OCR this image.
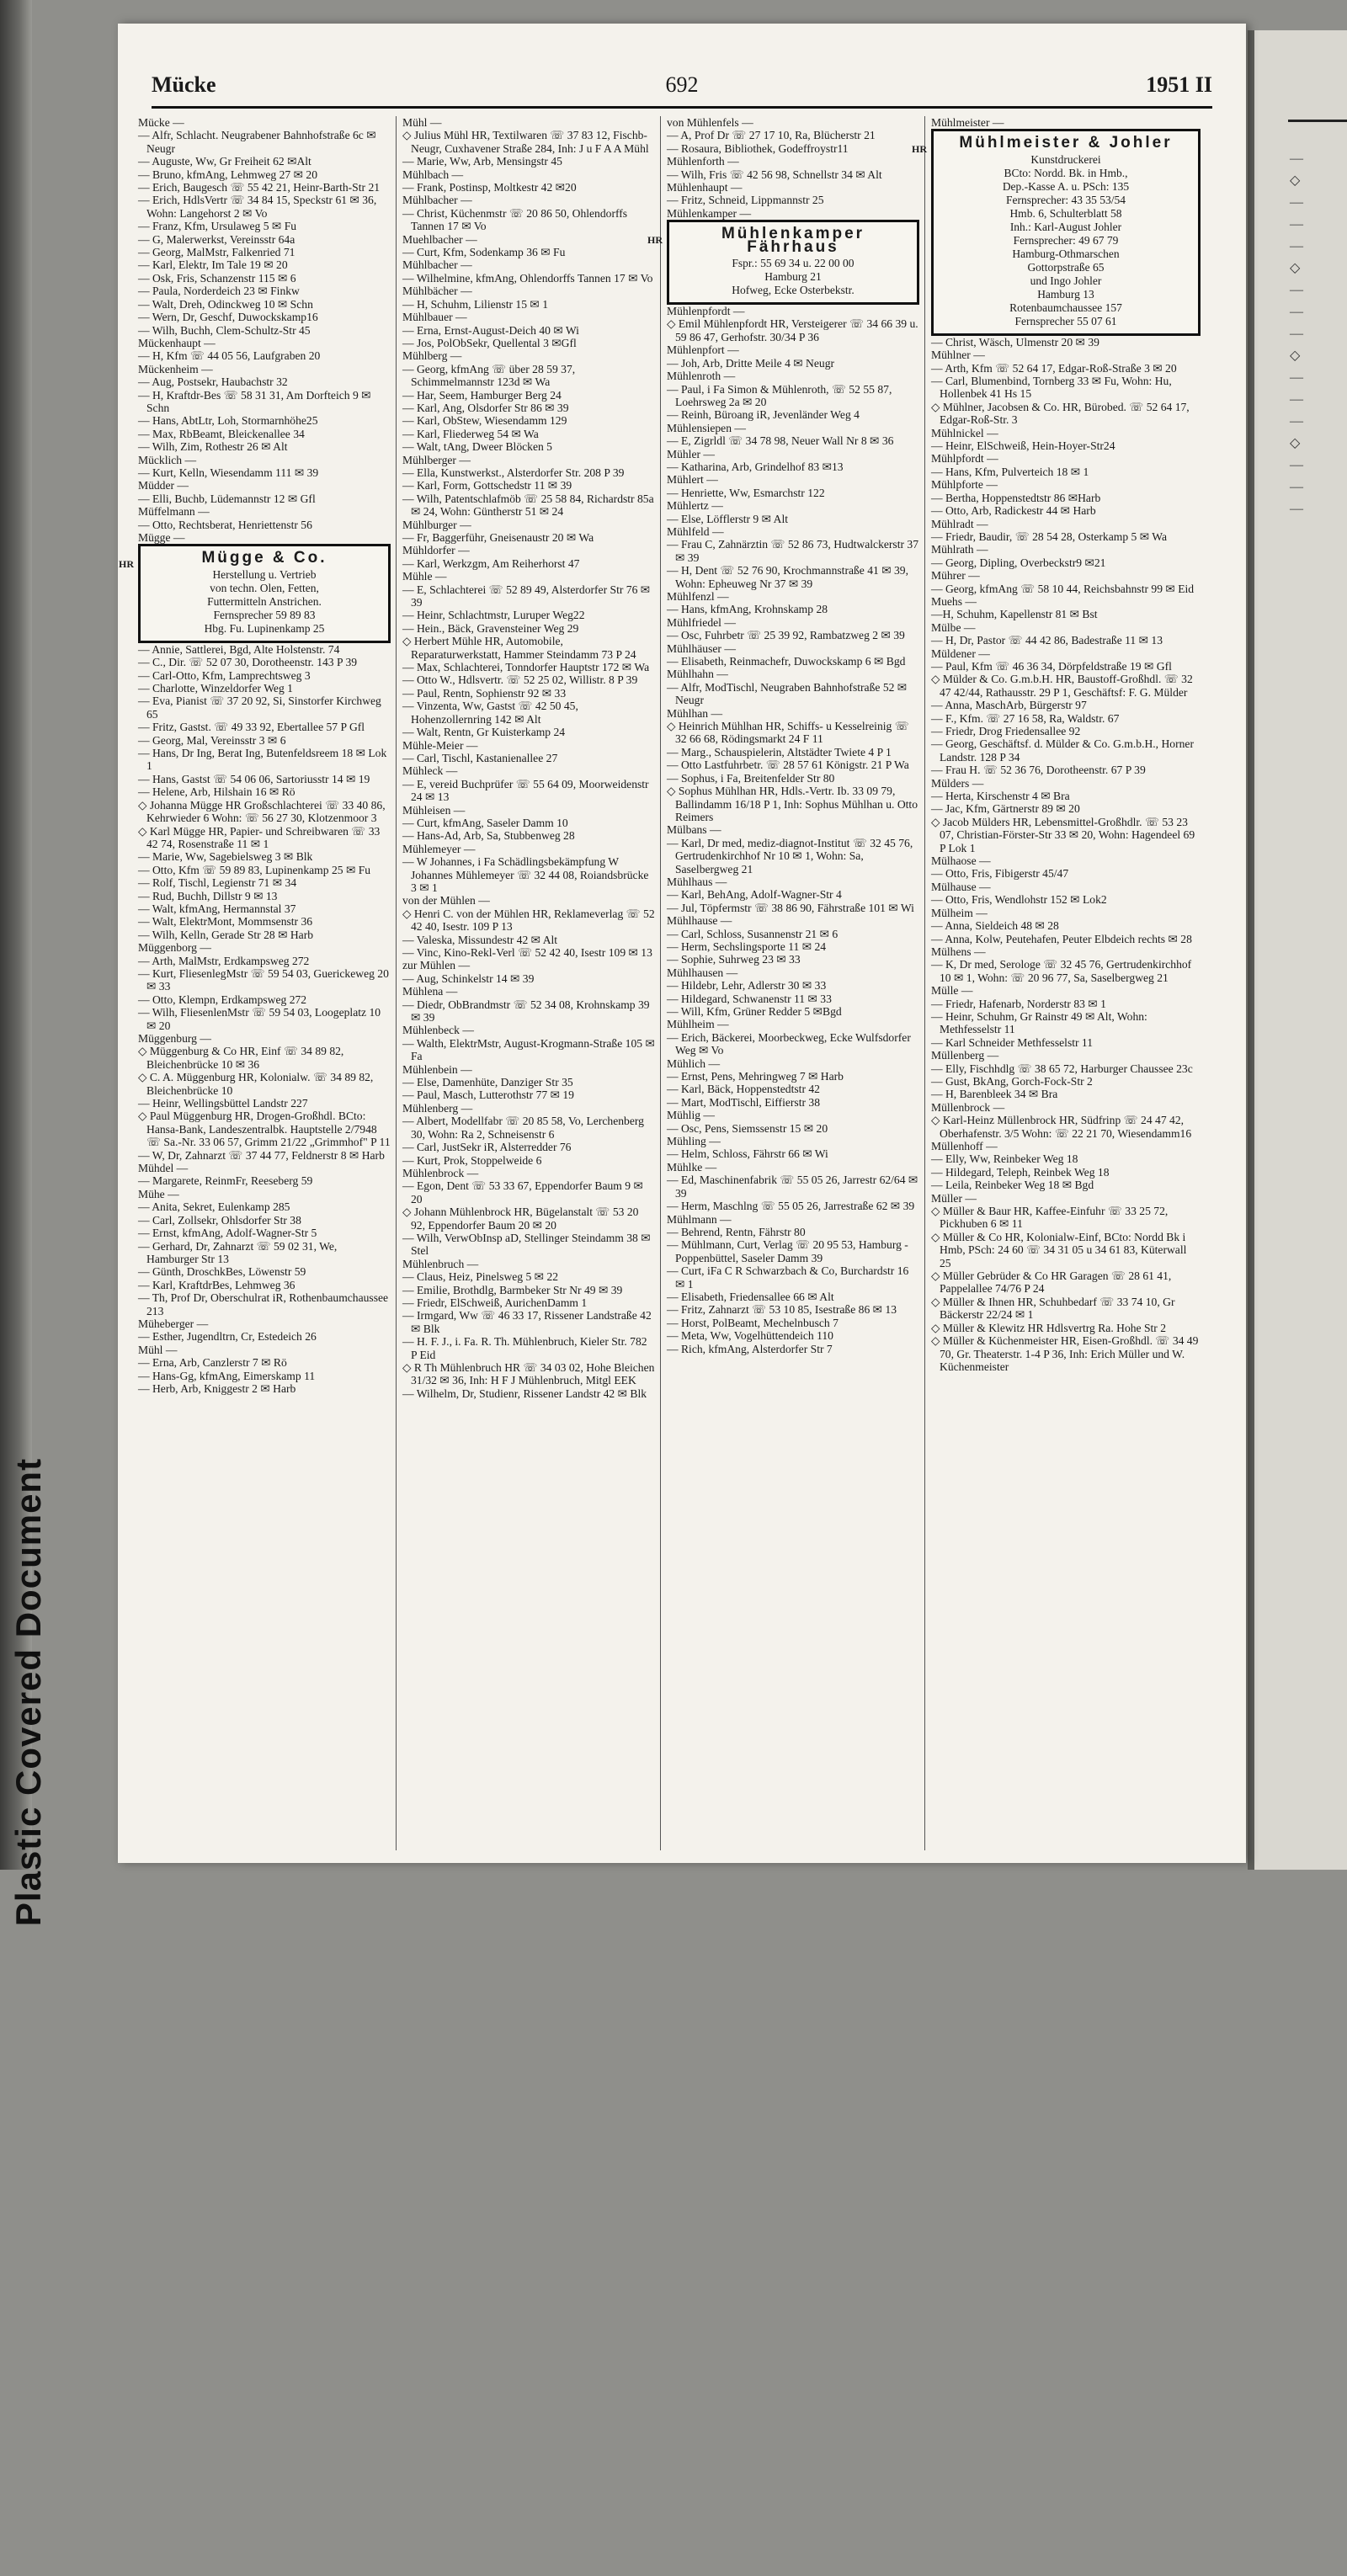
Plastic Covered Document
—
◇
—
—
—
◇
—
—
—
◇
—
—
—
◇
—
—
—
Mücke	692	1951 II
Mücke —
— Alfr, Schlacht. Neugrabener Bahnhofstraße 6c ✉ Neugr
— Auguste, Ww, Gr Freiheit 62 ✉Alt
— Bruno, kfmAng, Lehmweg 27 ✉ 20
— Erich, Baugesch ☏ 55 42 21, Heinr-Barth-Str 21
— Erich, HdlsVertr ☏ 34 84 15, Speckstr 61 ✉ 36, Wohn: Langehorst 2 ✉ Vo
— Franz, Kfm, Ursulaweg 5 ✉ Fu
— G, Malerwerkst, Vereinsstr 64a
— Georg, MalMstr, Falkenried 71
— Karl, Elektr, Im Tale 19 ✉ 20
— Osk, Fris, Schanzenstr 115 ✉ 6
— Paula, Norderdeich 23 ✉ Finkw
— Walt, Dreh, Odinckweg 10 ✉ Schn
— Wern, Dr, Geschf, Duwockskamp16
— Wilh, Buchh, Clem-Schultz-Str 45
Mückenhaupt —
— H, Kfm ☏ 44 05 56, Laufgraben 20
Mückenheim —
— Aug, Postsekr, Haubachstr 32
— H, Kraftdr-Bes ☏ 58 31 31, Am Dorfteich 9 ✉ Schn
— Hans, AbtLtr, Loh, Stormarnhöhe25
— Max, RbBeamt, Bleickenallee 34
— Wilh, Zim, Rothestr 26 ✉ Alt
Mücklich —
— Kurt, Kelln, Wiesendamm 111 ✉ 39
Müdder —
— Elli, Buchb, Lüdemannstr 12 ✉ Gfl
Müffelmann —
— Otto, Rechtsberat, Henriettenstr 56
Mügge —
HR	Mügge & Co.
Herstellung u. Vertrieb
von techn. Olen, Fetten,
Futtermitteln Anstrichen.
Fernsprecher 59 89 83
Hbg. Fu. Lupinenkamp 25
— Annie, Sattlerei, Bgd, Alte Holstenstr. 74
— C., Dir. ☏ 52 07 30, Dorotheenstr. 143 P 39
— Carl-Otto, Kfm, Lamprechtsweg 3
— Charlotte, Winzeldorfer Weg 1
— Eva, Pianist ☏ 37 20 92, Si, Sinstorfer Kirchweg 65
— Fritz, Gastst. ☏ 49 33 92, Ebertallee 57 P Gfl
— Georg, Mal, Vereinsstr 3 ✉ 6
— Hans, Dr Ing, Berat Ing, Butenfeldsreem 18 ✉ Lok 1
— Hans, Gastst ☏ 54 06 06, Sartoriusstr 14 ✉ 19
— Helene, Arb, Hilshain 16 ✉ Rö
◇ Johanna Mügge HR Großschlachterei ☏ 33 40 86, Kehrwieder 6 Wohn: ☏ 56 27 30, Klotzenmoor 3
◇ Karl Mügge HR, Papier- und Schreibwaren ☏ 33 42 74, Rosenstraße 11 ✉ 1
— Marie, Ww, Sagebielsweg 3 ✉ Blk
— Otto, Kfm ☏ 59 89 83, Lupinenkamp 25 ✉ Fu
— Rolf, Tischl, Legienstr 71 ✉ 34
— Rud, Buchh, Dillstr 9 ✉ 13
— Walt, kfmAng, Hermannstal 37
— Walt, ElektrMont, Mommsenstr 36
— Wilh, Kelln, Gerade Str 28 ✉ Harb
Müggenborg —
— Arth, MalMstr, Erdkampsweg 272
— Kurt, FliesenlegMstr ☏ 59 54 03, Guerickeweg 20 ✉ 33
— Otto, Klempn, Erdkampsweg 272
— Wilh, FliesenlenMstr ☏ 59 54 03, Loogeplatz 10 ✉ 20
Müggenburg —
◇ Müggenburg & Co HR, Einf ☏ 34 89 82, Bleichenbrücke 10 ✉ 36
◇ C. A. Müggenburg HR, Kolonialw. ☏ 34 89 82, Bleichenbrücke 10
— Heinr, Wellingsbüttel Landstr 227
◇ Paul Müggenburg HR, Drogen-Großhdl. BCto: Hansa-Bank, Landeszentralbk. Hauptstelle 2/7948 ☏ Sa.-Nr. 33 06 57, Grimm 21/22 „Grimmhof" P 11
— W, Dr, Zahnarzt ☏ 37 44 77, Feldnerstr 8 ✉ Harb
Mühdel —
— Margarete, ReinmFr, Reeseberg 59
Mühe —
— Anita, Sekret, Eulenkamp 285
— Carl, Zollsekr, Ohlsdorfer Str 38
— Ernst, kfmAng, Adolf-Wagner-Str 5
— Gerhard, Dr, Zahnarzt ☏ 59 02 31, We, Hamburger Str 13
— Günth, DroschkBes, Löwenstr 59
— Karl, KraftdrBes, Lehmweg 36
— Th, Prof Dr, Oberschulrat iR, Rothenbaumchaussee 213
Müheberger —
— Esther, Jugendltrn, Cr, Estedeich 26
Mühl —
— Erna, Arb, Canzlerstr 7 ✉ Rö
— Hans-Gg, kfmAng, Eimerskamp 11
— Herb, Arb, Kniggestr 2 ✉ Harb
Mühl —
◇ Julius Mühl HR, Textilwaren ☏ 37 83 12, Fischb-Neugr, Cuxhavener Straße 284, Inh: J u F A A Mühl
— Marie, Ww, Arb, Mensingstr 45
Mühlbach —
— Frank, Postinsp, Moltkestr 42 ✉20
Mühlbacher —
— Christ, Küchenmstr ☏ 20 86 50, Ohlendorffs Tannen 17 ✉ Vo
Muehlbacher —
— Curt, Kfm, Sodenkamp 36 ✉ Fu
Mühlbacher —
— Wilhelmine, kfmAng, Ohlendorffs Tannen 17 ✉ Vo
Mühlbächer —
— H, Schuhm, Lilienstr 15 ✉ 1
Mühlbauer —
— Erna, Ernst-August-Deich 40 ✉ Wi
— Jos, PolObSekr, Quellental 3 ✉Gfl
Mühlberg —
— Georg, kfmAng ☏ über 28 59 37, Schimmelmannstr 123d ✉ Wa
— Har, Seem, Hamburger Berg 24
— Karl, Ang, Olsdorfer Str 86 ✉ 39
— Karl, ObStew, Wiesendamm 129
— Karl, Fliederweg 54 ✉ Wa
— Walt, tAng, Dweer Blöcken 5
Mühlberger —
— Ella, Kunstwerkst., Alsterdorfer Str. 208 P 39
— Karl, Form, Gottschedstr 11 ✉ 39
— Wilh, Patentschlafmöb ☏ 25 58 84, Richardstr 85a ✉ 24, Wohn: Güntherstr 51 ✉ 24
Mühlburger —
— Fr, Baggerführ, Gneisenaustr 20 ✉ Wa
Mühldorfer —
— Karl, Werkzgm, Am Reiherhorst 47
Mühle —
— E, Schlachterei ☏ 52 89 49, Alsterdorfer Str 76 ✉ 39
— Heinr, Schlachtmstr, Luruper Weg22
— Hein., Bäck, Gravensteiner Weg 29
◇ Herbert Mühle HR, Automobile, Reparaturwerkstatt, Hammer Steindamm 73 P 24
— Max, Schlachterei, Tonndorfer Hauptstr 172 ✉ Wa
— Otto W., Hdlsvertr. ☏ 52 25 02, Willistr. 8 P 39
— Paul, Rentn, Sophienstr 92 ✉ 33
— Vinzenta, Ww, Gastst ☏ 42 50 45, Hohenzollernring 142 ✉ Alt
— Walt, Rentn, Gr Kuisterkamp 24
Mühle-Meier —
— Carl, Tischl, Kastanienallee 27
Mühleck —
— E, vereid Buchprüfer ☏ 55 64 09, Moorweidenstr 24 ✉ 13
Mühleisen —
— Curt, kfmAng, Saseler Damm 10
— Hans-Ad, Arb, Sa, Stubbenweg 28
Mühlemeyer —
— W Johannes, i Fa Schädlingsbekämpfung W Johannes Mühlemeyer ☏ 32 44 08, Roiandsbrücke 3 ✉ 1
von der Mühlen —
◇ Henri C. von der Mühlen HR, Reklameverlag ☏ 52 42 40, Isestr. 109 P 13
— Valeska, Missundestr 42 ✉ Alt
— Vinc, Kino-Rekl-Verl ☏ 52 42 40, Isestr 109 ✉ 13
zur Mühlen —
— Aug, Schinkelstr 14 ✉ 39
Mühlena —
— Diedr, ObBrandmstr ☏ 52 34 08, Krohnskamp 39 ✉ 39
Mühlenbeck —
— Walth, ElektrMstr, August-Krogmann-Straße 105 ✉ Fa
Mühlenbein —
— Else, Damenhüte, Danziger Str 35
— Paul, Masch, Lutterothstr 77 ✉ 19
Mühlenberg —
— Albert, Modellfabr ☏ 20 85 58, Vo, Lerchenberg 30, Wohn: Ra 2, Schneisenstr 6
— Carl, JustSekr iR, Alsterredder 76
— Kurt, Prok, Stoppelweide 6
Mühlenbrock —
— Egon, Dent ☏ 53 33 67, Eppendorfer Baum 9 ✉ 20
◇ Johann Mühlenbrock HR, Bügelanstalt ☏ 53 20 92, Eppendorfer Baum 20 ✉ 20
— Wilh, VerwObInsp aD, Stellinger Steindamm 38 ✉ Stel
Mühlenbruch —
— Claus, Heiz, Pinelsweg 5 ✉ 22
— Emilie, Brothdlg, Barmbeker Str Nr 49 ✉ 39
— Friedr, ElSchweiß, AurichenDamm 1
— Irmgard, Ww ☏ 46 33 17, Rissener Landstraße 42 ✉ Blk
— H. F. J., i. Fa. R. Th. Mühlenbruch, Kieler Str. 782 P Eid
◇ R Th Mühlenbruch HR ☏ 34 03 02, Hohe Bleichen 31/32 ✉ 36, Inh: H F J Mühlenbruch, Mitgl EEK
— Wilhelm, Dr, Studienr, Rissener Landstr 42 ✉ Blk
von Mühlenfels —
— A, Prof Dr ☏ 27 17 10, Ra, Blücherstr 21
— Rosaura, Bibliothek, Godeffroystr11
Mühlenforth —
— Wilh, Fris ☏ 42 56 98, Schnellstr 34 ✉ Alt
Mühlenhaupt —
— Fritz, Schneid, Lippmannstr 25
Mühlenkamper —
HR	Mühlenkamper Fährhaus
Fspr.: 55 69 34 u. 22 00 00
Hamburg 21
Hofweg, Ecke Osterbekstr.
Mühlenpfordt —
◇ Emil Mühlenpfordt HR, Versteigerer ☏ 34 66 39 u. 59 86 47, Gerhofstr. 30/34 P 36
Mühlenpfort —
— Joh, Arb, Dritte Meile 4 ✉ Neugr
Mühlenroth —
— Paul, i Fa Simon & Mühlenroth, ☏ 52 55 87, Loehrsweg 2a ✉ 20
— Reinh, Büroang iR, Jevenländer Weg 4
Mühlensiepen —
— E, Zigrldl ☏ 34 78 98, Neuer Wall Nr 8 ✉ 36
Mühler —
— Katharina, Arb, Grindelhof 83 ✉13
Mühlert —
— Henriette, Ww, Esmarchstr 122
Mühlertz —
— Else, Löfflerstr 9 ✉ Alt
Mühlfeld —
— Frau C, Zahnärztin ☏ 52 86 73, Hudtwalckerstr 37 ✉ 39
— H, Dent ☏ 52 76 90, Krochmannstraße 41 ✉ 39, Wohn: Epheuweg Nr 37 ✉ 39
Mühlfenzl —
— Hans, kfmAng, Krohnskamp 28
Mühlfriedel —
— Osc, Fuhrbetr ☏ 25 39 92, Rambatzweg 2 ✉ 39
Mühlhäuser —
— Elisabeth, Reinmachefr, Duwockskamp 6 ✉ Bgd
Mühlhahn —
— Alfr, ModTischl, Neugraben Bahnhofstraße 52 ✉ Neugr
Mühlhan —
◇ Heinrich Mühlhan HR, Schiffs- u Kesselreinig ☏ 32 66 68, Rödingsmarkt 24 F 11
— Marg., Schauspielerin, Altstädter Twiete 4 P 1
— Otto Lastfuhrbetr. ☏ 28 57 61 Königstr. 21 P Wa
— Sophus, i Fa, Breitenfelder Str 80
◇ Sophus Mühlhan HR, Hdls.-Vertr. Ib. 33 09 79, Ballindamm 16/18 P 1, Inh: Sophus Mühlhan u. Otto Reimers
Mülbans —
— Karl, Dr med, mediz-diagnot-Institut ☏ 32 45 76, Gertrudenkirchhof Nr 10 ✉ 1, Wohn: Sa, Saselbergweg 21
Mühlhaus —
— Karl, BehAng, Adolf-Wagner-Str 4
— Jul, Töpfermstr ☏ 38 86 90, Fährstraße 101 ✉ Wi
Mühlhause —
— Carl, Schloss, Susannenstr 21 ✉ 6
— Herm, Sechslingsporte 11 ✉ 24
— Sophie, Suhrweg 23 ✉ 33
Mühlhausen —
— Hildebr, Lehr, Adlerstr 30 ✉ 33
— Hildegard, Schwanenstr 11 ✉ 33
— Will, Kfm, Grüner Redder 5 ✉Bgd
Mühlheim —
— Erich, Bäckerei, Moorbeckweg, Ecke Wulfsdorfer Weg ✉ Vo
Mühlich —
— Ernst, Pens, Mehringweg 7 ✉ Harb
— Karl, Bäck, Hoppenstedtstr 42
— Mart, ModTischl, Eiffierstr 38
Mühlig —
— Osc, Pens, Siemssenstr 15 ✉ 20
Mühling —
— Helm, Schloss, Fährstr 66 ✉ Wi
Mühlke —
— Ed, Maschinenfabrik ☏ 55 05 26, Jarrestr 62/64 ✉ 39
— Herm, Maschlng ☏ 55 05 26, Jarrestraße 62 ✉ 39
Mühlmann —
— Behrend, Rentn, Fährstr 80
— Mühlmann, Curt, Verlag ☏ 20 95 53, Hamburg - Poppenbüttel, Saseler Damm 39
— Curt, iFa C R Schwarzbach & Co, Burchardstr 16 ✉ 1
— Elisabeth, Friedensallee 66 ✉ Alt
— Fritz, Zahnarzt ☏ 53 10 85, Isestraße 86 ✉ 13
— Horst, PolBeamt, Mechelnbusch 7
— Meta, Ww, Vogelhüttendeich 110
— Rich, kfmAng, Alsterdorfer Str 7
Mühlmeister —
HR	Mühlmeister & Johler
Kunstdruckerei
BCto: Nordd. Bk. in Hmb.,
Dep.-Kasse A. u. PSch: 135
Fernsprecher: 43 35 53/54
Hmb. 6, Schulterblatt 58
Inh.: Karl-August Johler
Fernsprecher: 49 67 79
Hamburg-Othmarschen
Gottorpstraße 65
und Ingo Johler
Hamburg 13
Rotenbaumchaussee 157
Fernsprecher 55 07 61
— Christ, Wäsch, Ulmenstr 20 ✉ 39
Mühlner —
— Arth, Kfm ☏ 52 64 17, Edgar-Roß-Straße 3 ✉ 20
— Carl, Blumenbind, Tornberg 33 ✉ Fu, Wohn: Hu, Hollenbek 41 Hs 15
◇ Mühlner, Jacobsen & Co. HR, Bürobed. ☏ 52 64 17, Edgar-Roß-Str. 3
Mühlnickel —
— Heinr, ElSchweiß, Hein-Hoyer-Str24
Mühlpfordt —
— Hans, Kfm, Pulverteich 18 ✉ 1
Mühlpforte —
— Bertha, Hoppenstedtstr 86 ✉Harb
— Otto, Arb, Radickestr 44 ✉ Harb
Mühlradt —
— Friedr, Baudir, ☏ 28 54 28, Osterkamp 5 ✉ Wa
Mühlrath —
— Georg, Dipling, Overbeckstr9 ✉21
Mührer —
— Georg, kfmAng ☏ 58 10 44, Reichsbahnstr 99 ✉ Eid
Muehs —
—H, Schuhm, Kapellenstr 81 ✉ Bst
Mülbe —
— H, Dr, Pastor ☏ 44 42 86, Badestraße 11 ✉ 13
Müldener —
— Paul, Kfm ☏ 46 36 34, Dörpfeldstraße 19 ✉ Gfl
◇ Mülder & Co. G.m.b.H. HR, Baustoff-Großhdl. ☏ 32 47 42/44, Rathausstr. 29 P 1, Geschäftsf: F. G. Mülder
— Anna, MaschArb, Bürgerstr 97
— F., Kfm. ☏ 27 16 58, Ra, Waldstr. 67
— Friedr, Drog Friedensallee 92
— Georg, Geschäftsf. d. Mülder & Co. G.m.b.H., Horner Landstr. 128 P 34
— Frau H. ☏ 52 36 76, Dorotheenstr. 67 P 39
Mülders —
— Herta, Kirschenstr 4 ✉ Bra
— Jac, Kfm, Gärtnerstr 89 ✉ 20
◇ Jacob Mülders HR, Lebensmittel-Großhdlr. ☏ 53 23 07, Christian-Förster-Str 33 ✉ 20, Wohn: Hagendeel 69 P Lok 1
Mülhaose —
— Otto, Fris, Fibigerstr 45/47
Mülhause —
— Otto, Fris, Wendlohstr 152 ✉ Lok2
Mülheim —
— Anna, Sieldeich 48 ✉ 28
— Anna, Kolw, Peutehafen, Peuter Elbdeich rechts ✉ 28
Mülhens —
— K, Dr med, Serologe ☏ 32 45 76, Gertrudenkirchhof 10 ✉ 1, Wohn: ☏ 20 96 77, Sa, Saselbergweg 21
Mülle —
— Friedr, Hafenarb, Norderstr 83 ✉ 1
— Heinr, Schuhm, Gr Rainstr 49 ✉ Alt, Wohn: Methfesselstr 11
— Karl Schneider Methfesselstr 11
Müllenberg —
— Elly, Fischhdlg ☏ 38 65 72, Harburger Chaussee 23c
— Gust, BkAng, Gorch-Fock-Str 2
— H, Barenbleek 34 ✉ Bra
Müllenbrock —
◇ Karl-Heinz Müllenbrock HR, Südfrinp ☏ 24 47 42, Oberhafenstr. 3/5 Wohn: ☏ 22 21 70, Wiesendamm16
Müllenhoff —
— Elly, Ww, Reinbeker Weg 18
— Hildegard, Teleph, Reinbek Weg 18
— Leila, Reinbeker Weg 18 ✉ Bgd
Müller —
◇ Müller & Baur HR, Kaffee-Einfuhr ☏ 33 25 72, Pickhuben 6 ✉ 11
◇ Müller & Co HR, Kolonialw-Einf, BCto: Nordd Bk i Hmb, PSch: 24 60 ☏ 34 31 05 u 34 61 83, Küterwall 25
◇ Müller Gebrüder & Co HR Garagen ☏ 28 61 41, Pappelallee 74/76 P 24
◇ Müller & Ihnen HR, Schuhbedarf ☏ 33 74 10, Gr Bäckerstr 22/24 ✉ 1
◇ Müller & Klewitz HR Hdlsvertrg Ra. Hohe Str 2
◇ Müller & Küchenmeister HR, Eisen-Großhdl. ☏ 34 49 70, Gr. Theaterstr. 1-4 P 36, Inh: Erich Müller und W. Küchenmeister
